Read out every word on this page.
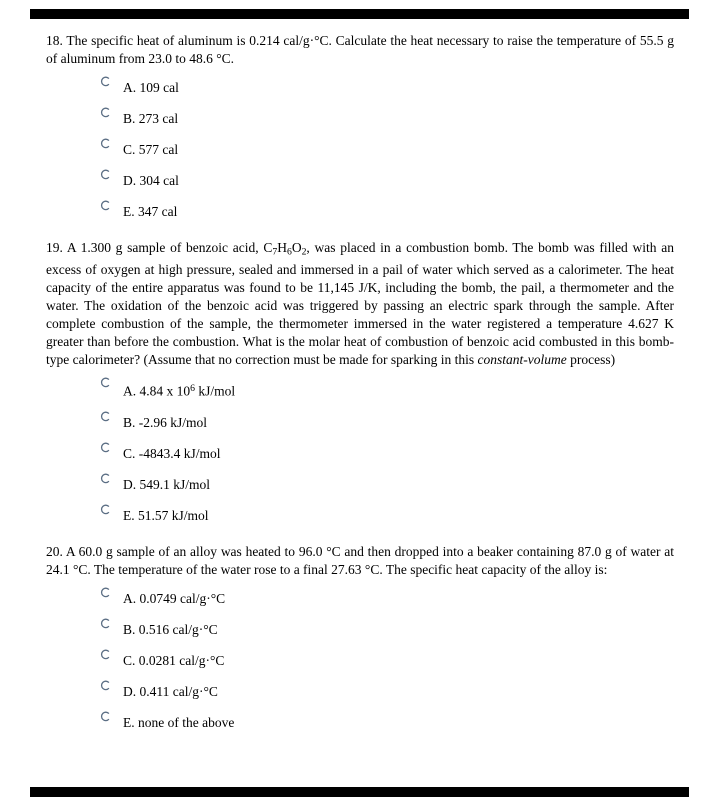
18. The specific heat of aluminum is 0.214 cal/g·°C. Calculate the heat necessary to raise the temperature of 55.5 g of aluminum from 23.0 to 48.6 °C.

A. 109 cal
B. 273 cal
C. 577 cal
D. 304 cal
E. 347 cal

19. A 1.300 g sample of benzoic acid, C7H6O2, was placed in a combustion bomb. The bomb was filled with an excess of oxygen at high pressure, sealed and immersed in a pail of water which served as a calorimeter. The heat capacity of the entire apparatus was found to be 11,145 J/K, including the bomb, the pail, a thermometer and the water. The oxidation of the benzoic acid was triggered by passing an electric spark through the sample. After complete combustion of the sample, the thermometer immersed in the water registered a temperature 4.627 K greater than before the combustion. What is the molar heat of combustion of benzoic acid combusted in this bomb-type calorimeter? (Assume that no correction must be made for sparking in this constant-volume process)

A. 4.84 x $10^6$ kJ/mol
B. -2.96 kJ/mol
C. -4843.4 kJ/mol
D. 549.1 kJ/mol
E. 51.57 kJ/mol

20. A 60.0 g sample of an alloy was heated to 96.0 °C and then dropped into a beaker containing 87.0 g of water at 24.1 °C. The temperature of the water rose to a final 27.63 °C. The specific heat capacity of the alloy is:

A. 0.0749 cal/g·°C
B. 0.516 cal/g·°C
C. 0.0281 cal/g·°C
D. 0.411 cal/g·°C
E. none of the above
